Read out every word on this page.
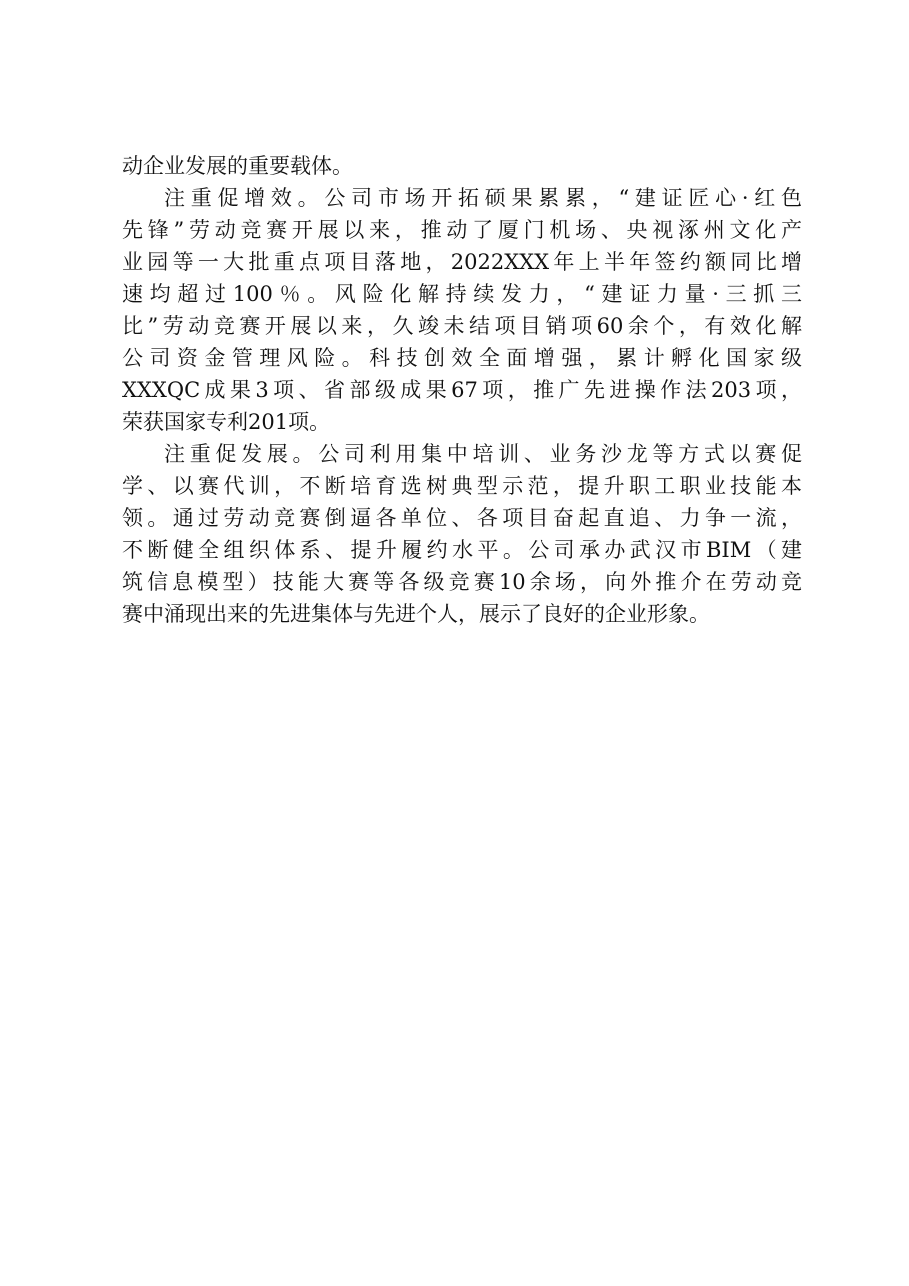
动企业发展的重要载体。
注重促增效。公司市场开拓硕果累累，“建证匠心·红色
先锋”劳动竞赛开展以来，推动了厦门机场、央视涿州文化产
业园等一大批重点项目落地，2022XXX年上半年签约额同比增
速均超过100％。风险化解持续发力，“建证力量·三抓三
比”劳动竞赛开展以来，久竣未结项目销项60余个，有效化解
公司资金管理风险。科技创效全面增强，累计孵化国家级
XXXQC成果3项、省部级成果67项，推广先进操作法203项，
荣获国家专利201项。
注重促发展。公司利用集中培训、业务沙龙等方式以赛促
学、以赛代训，不断培育选树典型示范，提升职工职业技能本
领。通过劳动竞赛倒逼各单位、各项目奋起直追、力争一流，
不断健全组织体系、提升履约水平。公司承办武汉市BIM（建
筑信息模型）技能大赛等各级竞赛10余场，向外推介在劳动竞
赛中涌现出来的先进集体与先进个人，展示了良好的企业形象。
